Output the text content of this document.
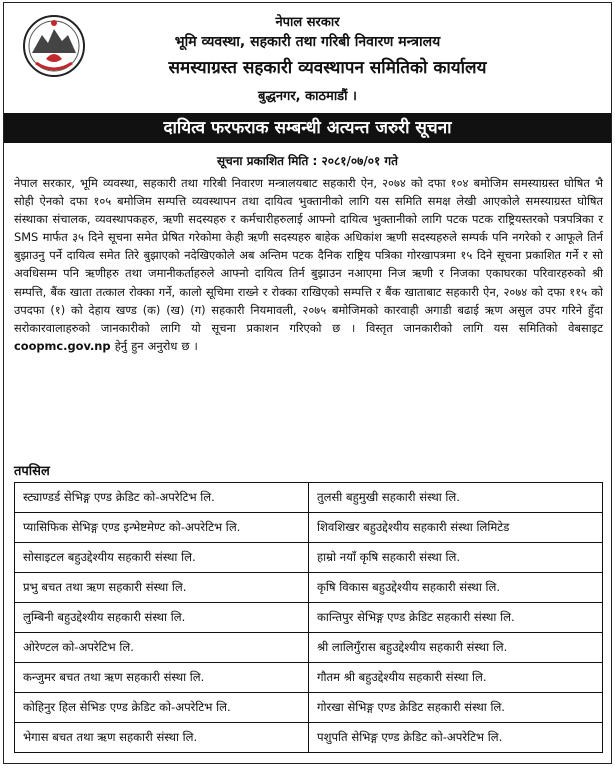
नेपाल सरकार
भूमि व्यवस्था, सहकारी तथा गरिबी निवारण मन्त्रालय
समस्याग्रस्त सहकारी व्यवस्थापन समितिको कार्यालय
बुद्धनगर, काठमाडौं ।
दायित्व फरफराक सम्बन्धी अत्यन्त जरुरी सूचना
सूचना प्रकाशित मिति : २०८१/०७/०१ गते
नेपाल सरकार, भूमि व्यवस्था, सहकारी तथा गरिबी निवारण मन्त्रालयबाट सहकारी ऐन, २०७४ को दफा १०४ बमोजिम समस्याग्रस्त घोषित भै सोही ऐनको दफा १०५ बमोजिम सम्पत्ति व्यवस्थापन तथा दायित्व भुक्तानीको लागि यस समिति समक्ष लेखी आएकोले समस्याग्रस्त घोषित संस्थाका संचालक, व्यवस्थापकहरु, ऋणी सदस्यहरु र कर्मचारीहरुलाई आफ्नो दायित्व भुक्तानीको लागि पटक पटक राष्ट्रियस्तरको पत्रपत्रिका र SMS मार्फत ३५ दिने सूचना समेत प्रेषित गरेकोमा केही ऋणी सदस्यहरु बाहेक अधिकांश ऋणी सदस्यहरुले सम्पर्क पनि नगरेको र आफूले तिर्न बुझाउनु पर्ने दायित्व समेत तिरे बुझाएको नदेखिएकोले अब अन्तिम पटक दैनिक राष्ट्रिय पत्रिका गोरखापत्रमा १५ दिने सूचना प्रकाशित गर्ने र सो अवधिसम्म पनि ऋणीहरु तथा जमानीकर्ताहरुले आफ्नो दायित्व तिर्न बुझाउन नआएमा निज ऋणी र निजका एकाघरका परिवारहरुको श्री सम्पत्ति, बैंक खाता तत्काल रोक्का गर्ने, कालो सूचिमा राख्ने र रोक्का राखिएको सम्पत्ति र बैंक खाताबाट सहकारी ऐन, २०७४ को दफा ११५ को उपदफा (१) को देहाय खण्ड (क) (ख) (ग) सहकारी नियमावली, २०७५ बमोजिमको कारवाही अगाडी बढाई ऋण असुल उपर गरिने हुँदा सरोकारवालाहरुको जानकारीको लागि यो सूचना प्रकाशन गरिएको छ । विस्तृत जानकारीको लागि यस समितिको वेबसाइट coopmc.gov.np हेर्नु हुन अनुरोध छ ।
तपसिल
स्ट्याण्डर्ड सेभिङ्ग एण्ड क्रेडिट को-अपरेटिभ लि.	तुलसी बहुमुखी सहकारी संस्था लि.
प्यासिफिक सेभिङ्ग एण्ड इन्भेष्टमेण्ट को-अपरेटिभ लि.	शिवशिखर बहुउद्देश्यीय सहकारी संस्था लिमिटेड
सोसाइटल बहुउद्देश्यीय सहकारी संस्था लि.	हाम्रो नयाँ कृषि सहकारी संस्था लि.
प्रभु बचत तथा ऋण सहकारी संस्था लि.	कृषि विकास बहुउद्देश्यीय सहकारी संस्था लि.
लुम्बिनी बहुउद्देश्यीय सहकारी संस्था लि.	कान्तिपुर सेभिङ्ग एण्ड क्रेडिट सहकारी संस्था लि.
ओरेण्टल को-अपरेटिभ लि.	श्री लालिगुँरास बहुउद्देश्यीय सहकारी संस्था लि.
कन्जुमर बचत तथा ऋण सहकारी संस्था लि.	गौतम श्री बहुउद्देश्यीय सहकारी संस्था लि.
कोहिनुर हिल सेभिङ एण्ड क्रेडिट को-अपरेटिभ लि.	गोरखा सेभिङ्ग एण्ड क्रेडिट सहकारी संस्था लि.
भेगास बचत तथा ऋण सहकारी संस्था लि.	पशुपति सेभिङ्ग एण्ड क्रेडिट को-अपरेटिभ लि.
